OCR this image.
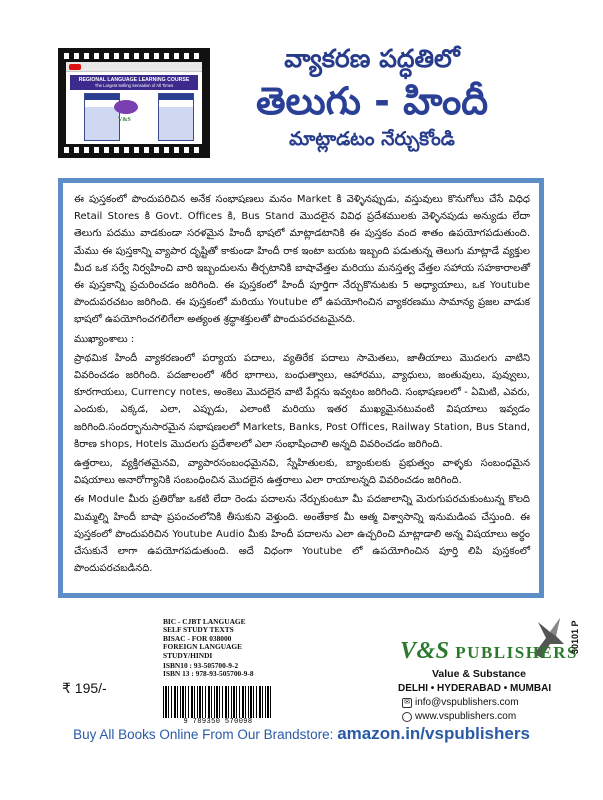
REGIONAL LANGUAGE LEARNING COURSE
The Largest Selling Sensation of All Times
V&S
వ్యాకరణ పద్ధతిలో
తెలుగు - హిందీ
మాట్లాడటం నేర్చుకోండి

ఈ పుస్తకంలో పొందుపరిచిన అనేక సంభాషణలు మనం Market కి వెళ్ళినప్పుడు, వస్తువులు కొనుగోలు చేసే విధిధ Retail Stores కి Govt. Offices కి, Bus Stand మొదలైన వివిధ ప్రదేశములకు వెళ్ళినపుడు అన్యుడు లేదా తెలుగు పదము వాడకుండా సరళమైన హిందీ భాషలో మాట్లాడటానికి ఈ పుస్తకం వంద శాతం ఉపయోగపడుతుంది. మేము ఈ పుస్తకాన్ని వ్యాపార దృష్టితో కాకుండా హిందీ రాక ఇంటా బయట ఇబ్బంది పడుతున్న తెలుగు మాట్లాడే వ్యక్తుల మీద ఒక సర్వే నిర్వహించి వారి ఇబ్బందులను తీర్చటానికి బాషావేత్తల మరియు మనస్తత్వ వేత్తల సహాయ సహకారాలతో ఈ పుస్తకాన్ని ప్రచురించడం జరిగింది. ఈ పుస్తకంలో హిందీ పూర్తిగా నేర్చుకొనుటకు 5 అధ్యాయాలు, ఒక Youtube పొందుపరచటం జరిగింది. ఈ పుస్తకంలో మరియు Youtube లో ఉపయోగించిన వ్యాకరణము సామాన్య ప్రజల వాడుక భాషలో ఉపయోగించగలిగేలా అత్యంత శ్రద్ధాశక్తులతో పొందుపరచటమైనది.

ముఖ్యాంశాలు :

ప్రాథమిక హిందీ వ్యాకరణంలో పర్యాయ పదాలు, వ్యతిరేక పదాలు సామెతలు, జాతీయాలు మొదలగు వాటిని వివరించడం జరిగింది. పదజాలంలో శరీర భాగాలు, బంధుత్వాలు, ఆహారము, వ్యాధులు, జంతువులు, పువ్వులు, కూరగాయలు, Currency notes, అంకెలు మొదలైన వాటి పేర్లను ఇవ్వటం జరిగింది. సంభాషణలలో - ఏమిటి, ఎవరు, ఎందుకు, ఎక్కడ, ఎలా, ఎప్పుడు, ఎలాంటి మరియు ఇతర ముఖ్యమైనటువంటి విషయాలు ఇవ్వడం జరిగింది.సందర్భానుసారమైన సభాషణలలో Markets, Banks, Post Offices, Railway Station, Bus Stand, కిరాణ shops, Hotels మొదలగు ప్రదేశాలలో ఎలా సంభాషించాలి అన్నది వివరించడం జరిగింది.

ఉత్తరాలు, వ్యక్తిగతమైనవి, వ్యాపారసంబంధమైనవి, స్నేహితులకు, బ్యాంకులకు ప్రభుత్వం వాళ్ళకు సంబంధమైన విషయాలు అనారోగ్యానికి సంబంధించిన మొదలైన ఉత్తరాలు ఎలా రాయాలన్నది వివరించడం జరిగింది.

ఈ Module మీరు ప్రతిరోజు ఒకటి లేదా రెండు పదాలను నేర్చుకుంటూ మీ పదజాలాన్ని మెరుగుపరచుకుంటున్న కొలది మిమ్మల్ని హిందీ బాషా ప్రపంచంలోనికి తీసుకుని వెళ్తుంది. అంతేకాక మీ ఆత్మ విశ్వాసాన్ని ఇనుమడింప చేస్తుంది. ఈ పుస్తకంలో పొందుపరిచిన Youtube Audio మీకు హిందీ పదాలను ఎలా ఉచ్చరించి మాట్లాడాలి అన్న విషయాలు అర్థం చేసుకునే లాగా ఉపయోగపడుతుంది. అదే విధంగా Youtube లో ఉపయోగించిన పూర్తి లిపి పుస్తకంలో పొందుపరచబడినది.

BIC - CJBT LANGUAGE
SELF STUDY TEXTS
BISAC - FOR 038000
FOREIGN LANGUAGE STUDY/HINDI
ISBN10 : 93-505700-9-2
ISBN 13 : 978-93-505700-9-8
9 789350 570098
₹ 195/-
V&S PUBLISHERS
Value & Substance
DELHI • HYDERABAD • MUMBAI
✉ info@vspublishers.com
www.vspublishers.com
30101 P
Buy All Books Online From Our Brandstore: amazon.in/vspublishers
